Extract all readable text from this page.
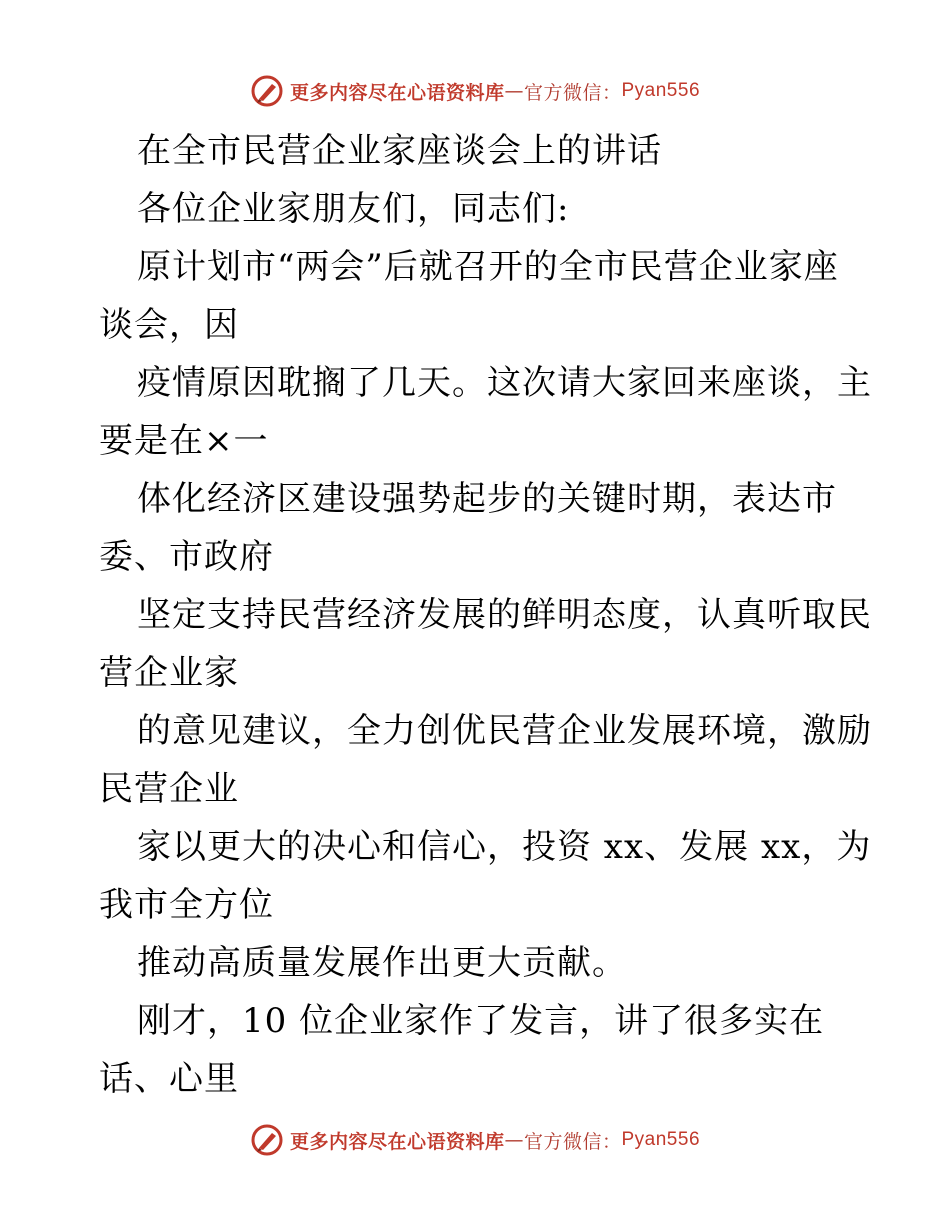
更多内容尽在心语资料库 — 官方微信： Pyan556
在全市民营企业家座谈会上的讲话
各位企业家朋友们，同志们:
原计划市“两会”后就召开的全市民营企业家座
谈会，因
疫情原因耽搁了几天。这次请大家回来座谈，主
要是在×一
体化经济区建设强势起步的关键时期，表达市
委、市政府
坚定支持民营经济发展的鲜明态度，认真听取民
营企业家
的意见建议，全力创优民营企业发展环境，激励
民营企业
家以更大的决心和信心，投资 xx、发展 xx，为
我市全方位
推动高质量发展作出更大贡献。
刚才，10 位企业家作了发言，讲了很多实在
话、心里
更多内容尽在心语资料库 — 官方微信： Pyan556
